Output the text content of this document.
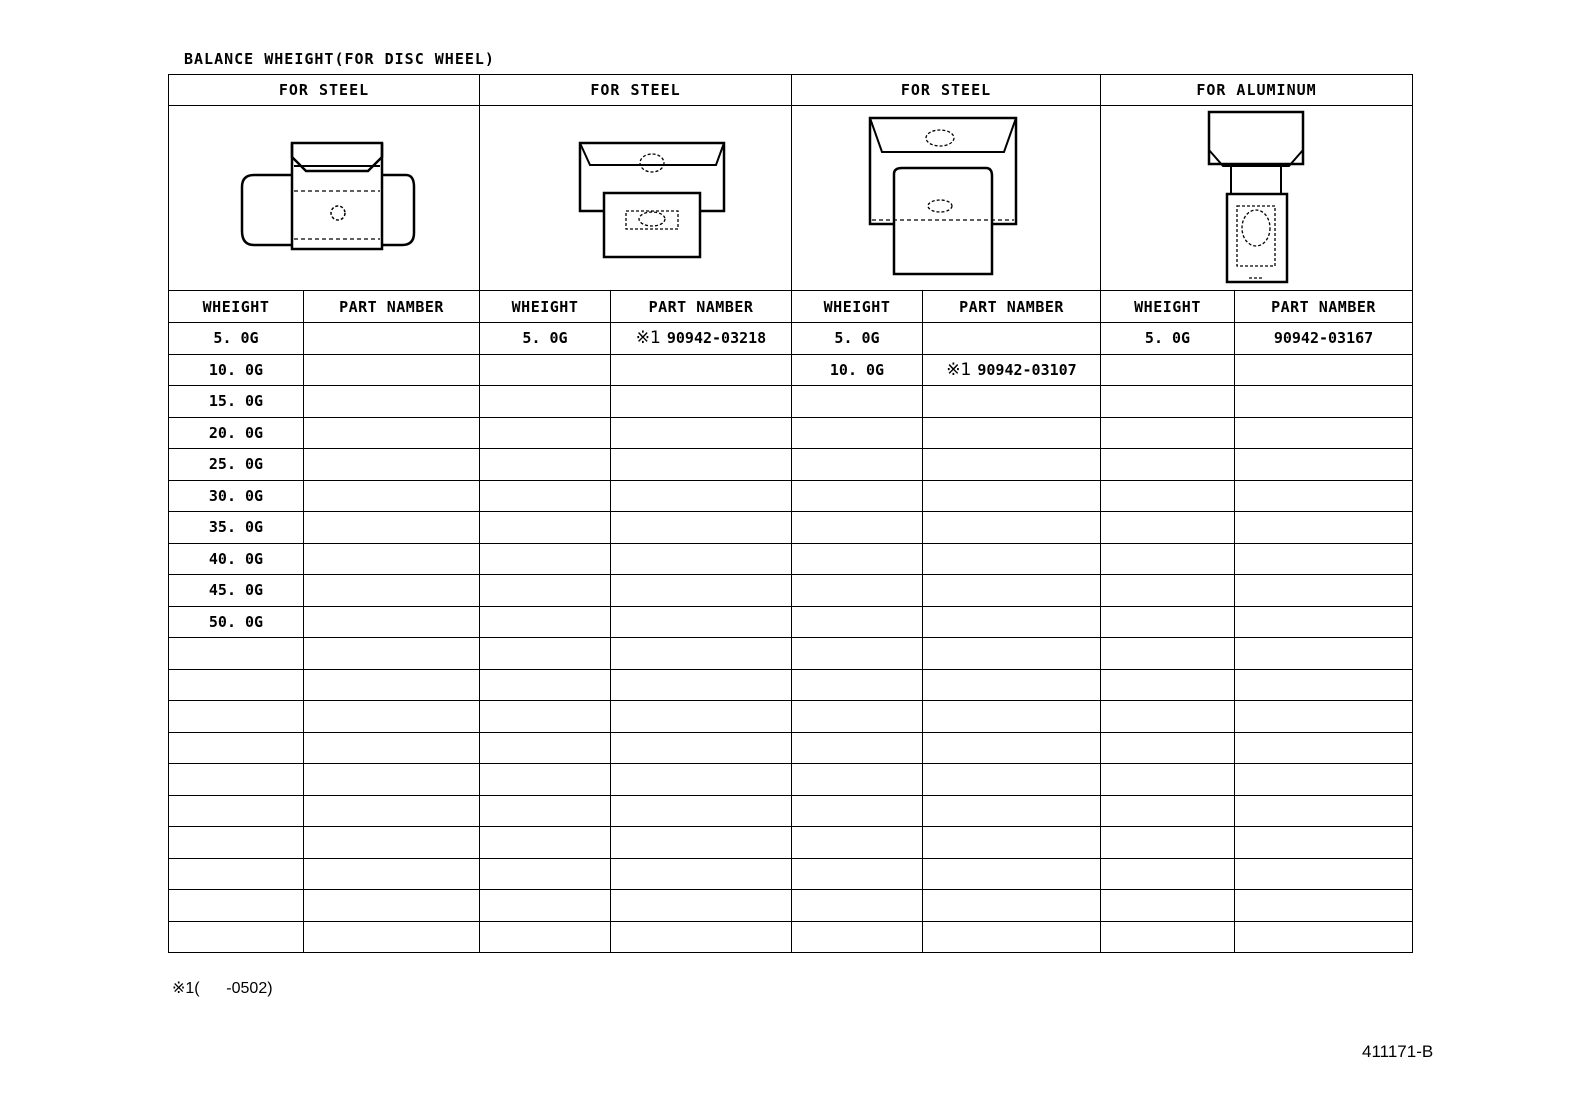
BALANCE WHEIGHT(FOR DISC WHEEL)
FOR STEEL		FOR STEEL		FOR STEEL		FOR ALUMINUM	

WHEIGHT	PART NAMBER	WHEIGHT	PART NAMBER	WHEIGHT	PART NAMBER	WHEIGHT	PART NAMBER
5. 0G		5. 0G	※1 90942-03218	5. 0G		5. 0G	90942-03167
10. 0G				10. 0G	※1 90942-03107		
15. 0G							
20. 0G							
25. 0G							
30. 0G							
35. 0G							
40. 0G							
45. 0G							
50. 0G							

※1(      -0502)
411171-B
